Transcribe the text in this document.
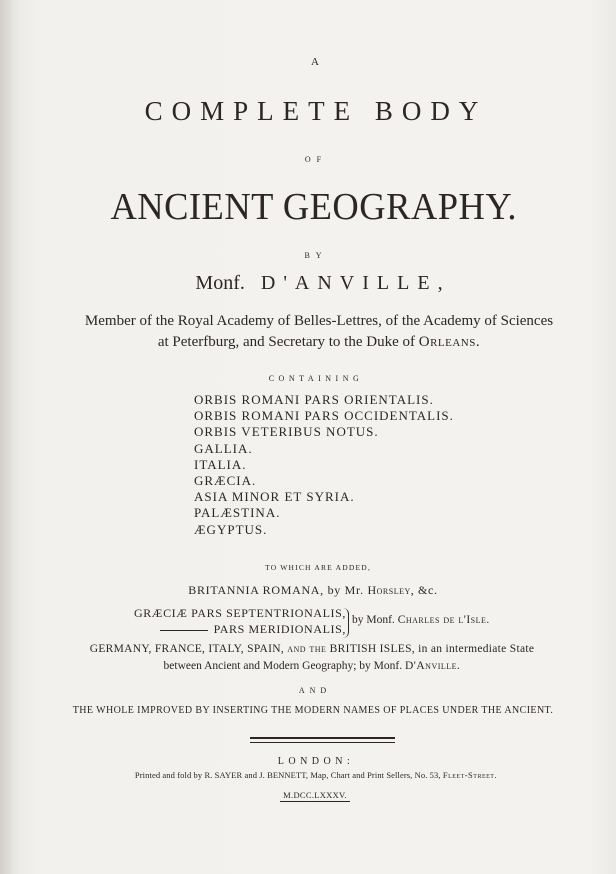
A
COMPLETE BODY
OF
ANCIENT GEOGRAPHY.
BY
Monf. D'ANVILLE,
Member of the Royal Academy of Belles-Lettres, of the Academy of Sciences
at Peterfburg, and Secretary to the Duke of Orleans.
CONTAINING
ORBIS ROMANI PARS ORIENTALIS.
ORBIS ROMANI PARS OCCIDENTALIS.
ORBIS VETERIBUS NOTUS.
GALLIA.
ITALIA.
GRÆCIA.
ASIA MINOR ET SYRIA.
PALÆSTINA.
ÆGYPTUS.
TO WHICH ARE ADDED,
BRITANNIA ROMANA, by Mr. Horsley, &c.
GRÆCIÆ PARS SEPTENTRIONALIS,
PARS MERIDIONALIS,
by Monf. Charles de l'Isle.
GERMANY, FRANCE, ITALY, SPAIN, and the BRITISH ISLES, in an intermediate State
between Ancient and Modern Geography; by Monf. D'Anville.
AND
THE WHOLE IMPROVED BY INSERTING THE MODERN NAMES OF PLACES UNDER THE ANCIENT.
LONDON:
Printed and fold by R. SAYER and J. BENNETT, Map, Chart and Print Sellers, No. 53, Fleet-Street.
M.DCC.LXXXV.
